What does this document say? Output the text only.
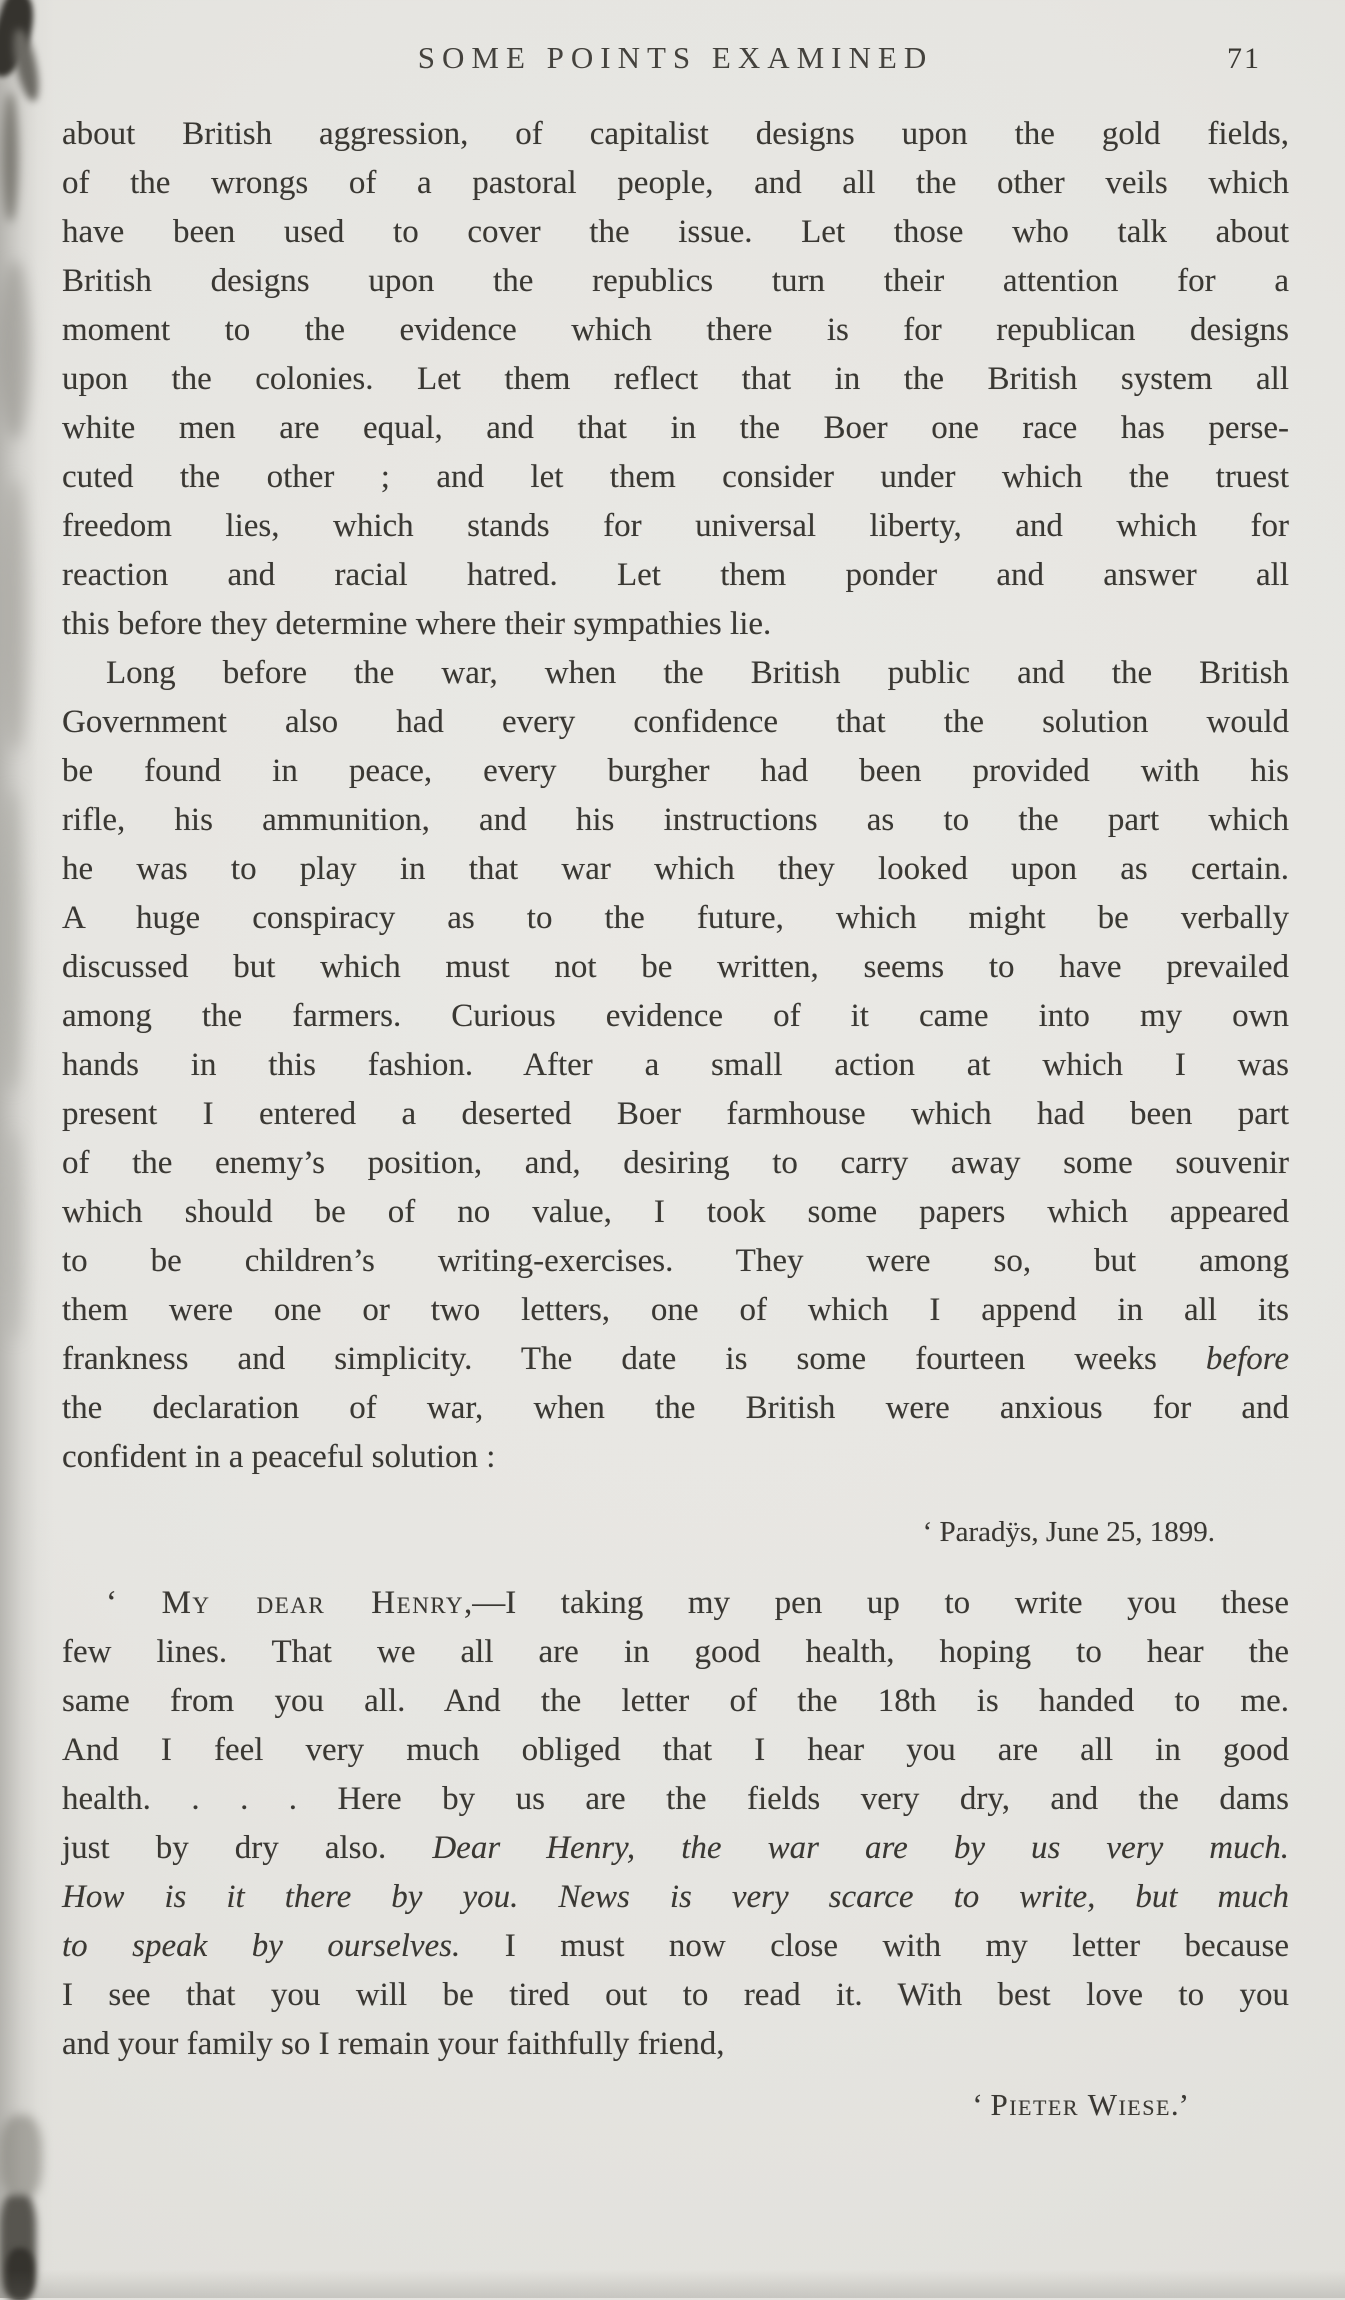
SOME POINTS EXAMINED	71
about British aggression, of capitalist designs upon the gold fields,
of the wrongs of a pastoral people, and all the other veils which
have been used to cover the issue. Let those who talk about
British designs upon the republics turn their attention for a
moment to the evidence which there is for republican designs
upon the colonies. Let them reflect that in the British system all
white men are equal, and that in the Boer one race has perse-
cuted the other ; and let them consider under which the truest
freedom lies, which stands for universal liberty, and which for
reaction and racial hatred. Let them ponder and answer all
this before they determine where their sympathies lie.
Long before the war, when the British public and the British
Government also had every confidence that the solution would
be found in peace, every burgher had been provided with his
rifle, his ammunition, and his instructions as to the part which
he was to play in that war which they looked upon as certain.
A huge conspiracy as to the future, which might be verbally
discussed but which must not be written, seems to have prevailed
among the farmers. Curious evidence of it came into my own
hands in this fashion. After a small action at which I was
present I entered a deserted Boer farmhouse which had been part
of the enemy’s position, and, desiring to carry away some souvenir
which should be of no value, I took some papers which appeared
to be children’s writing-exercises. They were so, but among
them were one or two letters, one of which I append in all its
frankness and simplicity. The date is some fourteen weeks before
the declaration of war, when the British were anxious for and
confident in a peaceful solution :
‘ Paradÿs, June 25, 1899.
‘ My dear Henry,—I taking my pen up to write you these
few lines. That we all are in good health, hoping to hear the
same from you all. And the letter of the 18th is handed to me.
And I feel very much obliged that I hear you are all in good
health. . . . Here by us are the fields very dry, and the dams
just by dry also. Dear Henry, the war are by us very much.
How is it there by you. News is very scarce to write, but much
to speak by ourselves. I must now close with my letter because
I see that you will be tired out to read it. With best love to you
and your family so I remain your faithfully friend,
‘ Pieter Wiese.’
